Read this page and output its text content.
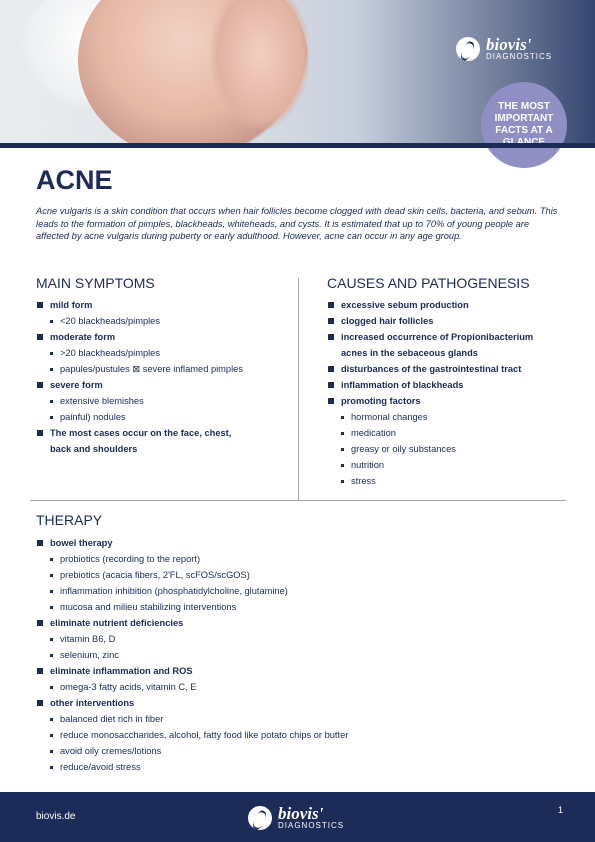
biovis'
DIAGNOSTICS
THE MOST IMPORTANT FACTS AT A
ACNE

Acne vulgaris is a skin condition that occurs when hair follicles become clogged with dead skin cells, bacteria, and sebum. This leads to the formation of pimples, blackheads, whiteheads, and cysts. It is estimated that up to 70% of young people are affected by acne vulgaris during puberty or early adulthood. However, acne can occur in any age group.

MAIN SYMPTOMS
mild form
<20 blackheads/pimples
moderate form
>20 blackheads/pimples
papules/pustules ⊠ severe inflamed pimples
severe form
extensive blemishes
painful) nodules
The most cases occur on the face, chest,
back and shoulders
CAUSES AND PATHOGENESIS
excessive sebum production
clogged hair follicles
increased occurrence of Propionibacterium
acnes in the sebaceous glands
disturbances of the gastrointestinal tract
inflammation of blackheads
promoting factors
hormonal changes
medication
greasy or oily substances
nutrition
stress
THERAPY
bowel therapy
probiotics (recording to the report)
prebiotics (acacia fibers, 2'FL, scFOS/scGOS)
inflammation inhibition (phosphatidylcholine, glutamine)
mucosa and milieu stabilizing interventions
eliminate nutrient deficiencies
vitamin B6, D
selenium, zinc
eliminate inflammation and ROS
omega-3 fatty acids, vitamin C, E
other interventions
balanced diet rich in fiber
reduce monosaccharides, alcohol, fatty food like potato chips or butter
avoid oily cremes/lotions
reduce/avoid stress
biovis.de	biovis'
DIAGNOSTICS
1
